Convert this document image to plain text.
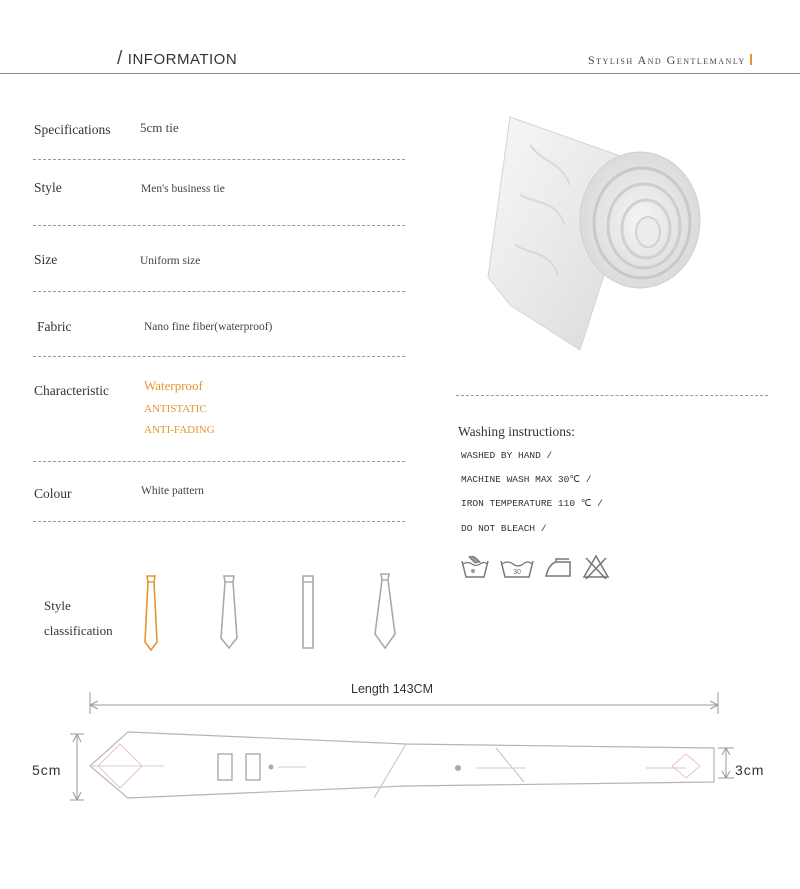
/ INFORMATION	Stylish And Gentlemanly
Specifications 5cm tie
Style	Men's business tie
Size	Uniform size
Fabric	Nano fine fiber(waterproof)
Characteristic	Waterproof
ANTISTATIC
ANTI-FADING
Colour	White pattern
Washing instructions:
WASHED BY HAND /
MACHINE WASH MAX 30℃ /
IRON TEMPERATURE 110 ℃ /
DO NOT BLEACH /
30
Style
classification
Length 143CM
5cm	3cm
